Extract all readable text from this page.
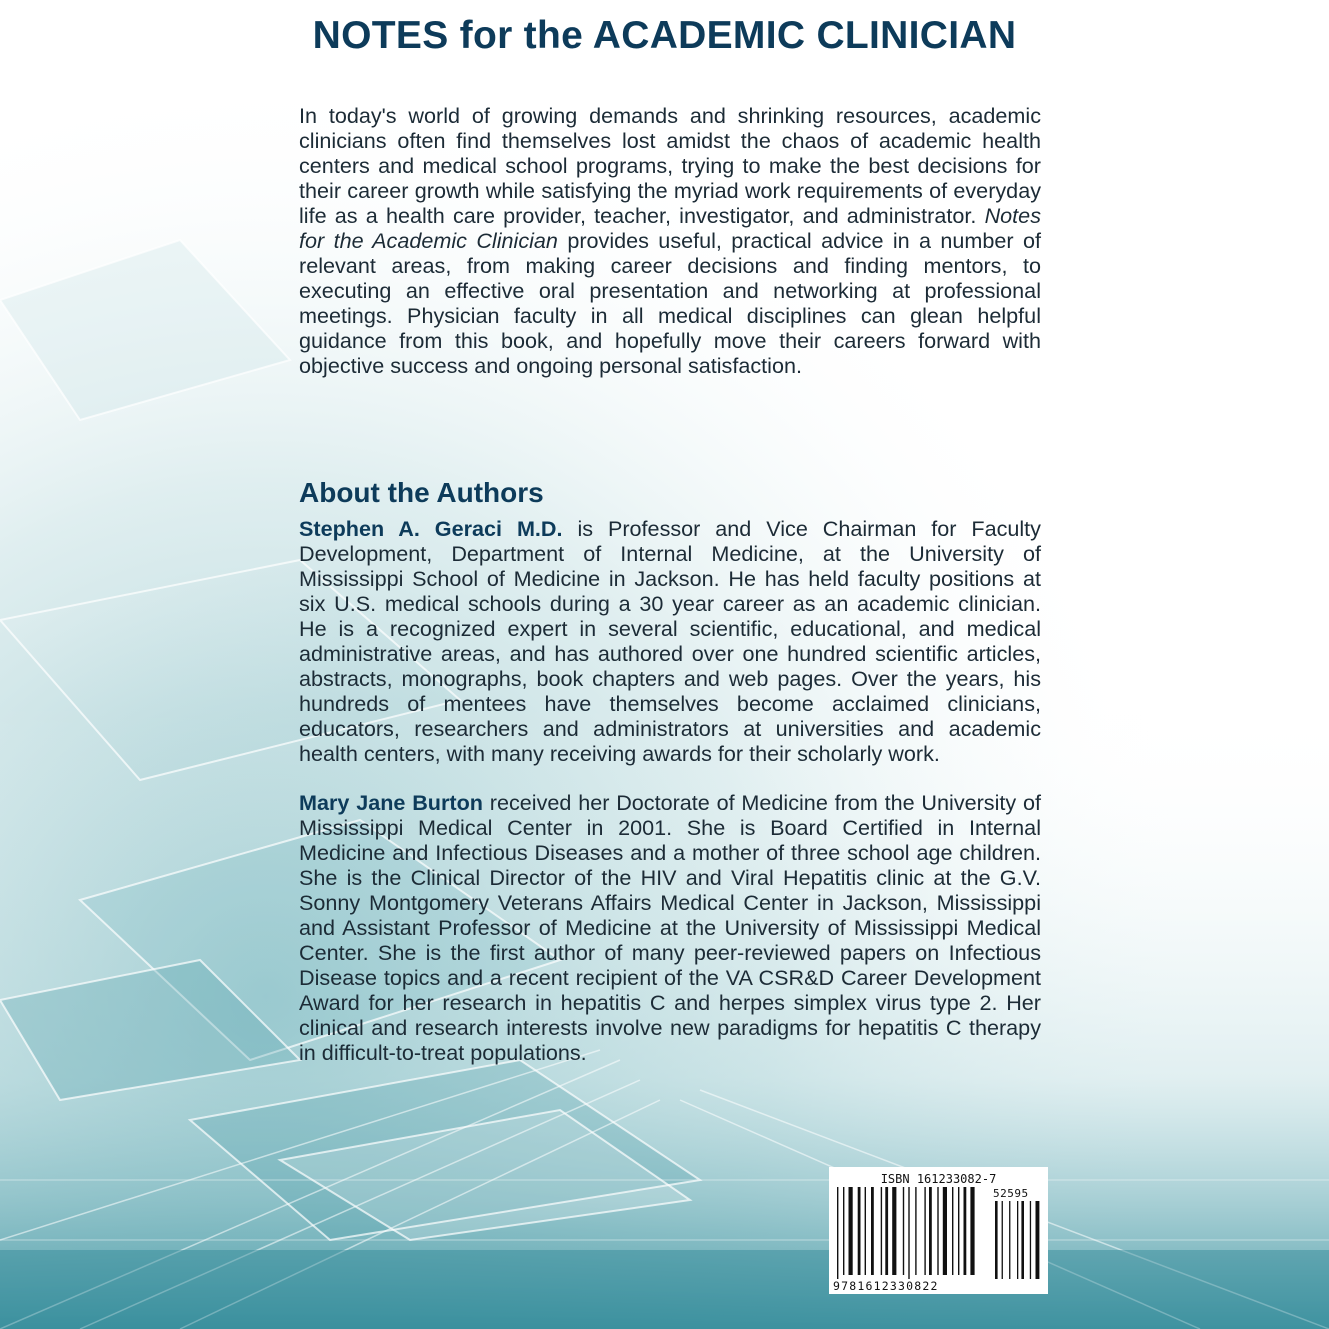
NOTES for the ACADEMIC CLINICIAN

In today's world of growing demands and shrinking resources, academic clinicians often find themselves lost amidst the chaos of academic health centers and medical school programs, trying to make the best decisions for their career growth while satisfying the myriad work requirements of everyday life as a health care provider, teacher, investigator, and administrator. Notes for the Academic Clinician provides useful, practical advice in a number of relevant areas, from making career decisions and finding mentors, to executing an effective oral presentation and networking at professional meetings. Physician faculty in all medical disciplines can glean helpful guidance from this book, and hopefully move their careers forward with objective success and ongoing personal satisfaction.

About the Authors

Stephen A. Geraci M.D. is Professor and Vice Chairman for Faculty Development, Department of Internal Medicine, at the University of Mississippi School of Medicine in Jackson. He has held faculty positions at six U.S. medical schools during a 30 year career as an academic clinician. He is a recognized expert in several scientific, educational, and medical administrative areas, and has authored over one hundred scientific articles, abstracts, monographs, book chapters and web pages. Over the years, his hundreds of mentees have themselves become acclaimed clinicians, educators, researchers and administrators at universities and academic health centers, with many receiving awards for their scholarly work.

Mary Jane Burton received her Doctorate of Medicine from the University of Mississippi Medical Center in 2001. She is Board Certified in Internal Medicine and Infectious Diseases and a mother of three school age children. She is the Clinical Director of the HIV and Viral Hepatitis clinic at the G.V. Sonny Montgomery Veterans Affairs Medical Center in Jackson, Mississippi and Assistant Professor of Medicine at the University of Mississippi Medical Center. She is the first author of many peer-reviewed papers on Infectious Disease topics and a recent recipient of the VA CSR&D Career Development Award for her research in hepatitis C and herpes simplex virus type 2. Her clinical and research interests involve new paradigms for hepatitis C therapy in difficult-to-treat populations.

ISBN 161233082-7
52595
9781612330822
